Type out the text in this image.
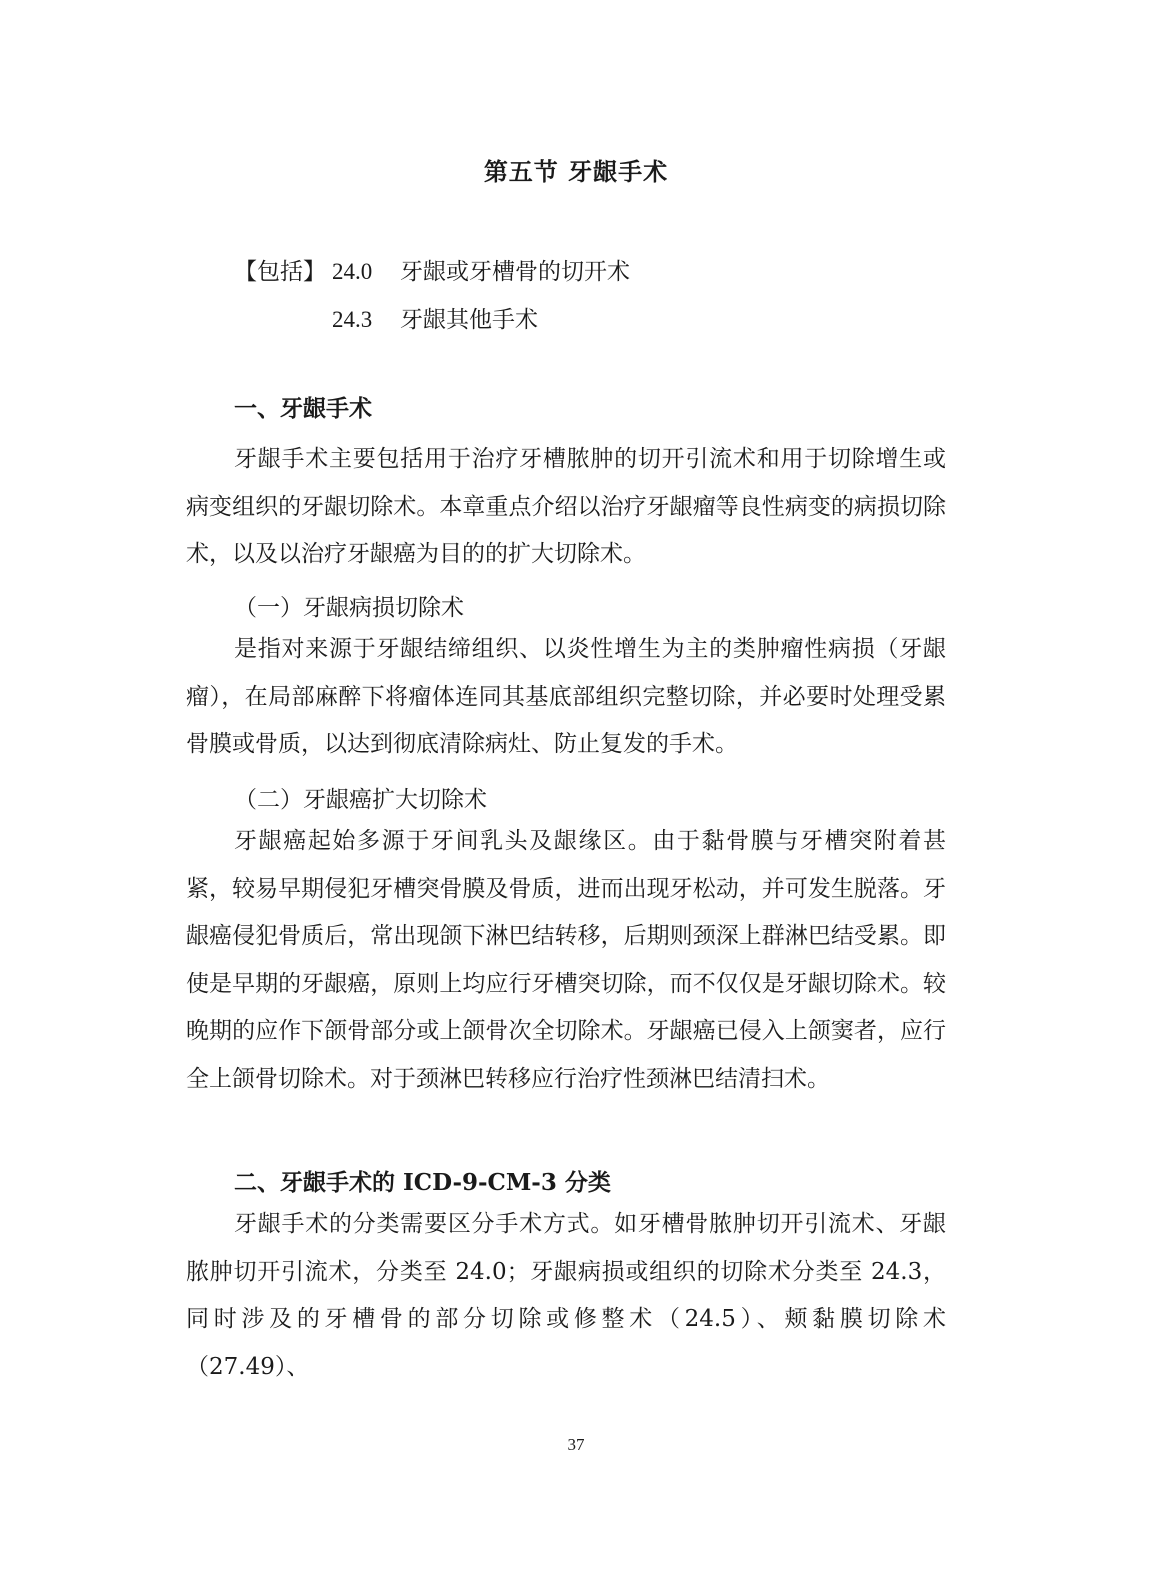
第五节 牙龈手术
【包括】 24.0	牙龈或牙槽骨的切开术
24.3	牙龈其他手术
一、牙龈手术

牙龈手术主要包括用于治疗牙槽脓肿的切开引流术和用于切除增生或病变组织的牙龈切除术。本章重点介绍以治疗牙龈瘤等良性病变的病损切除术，以及以治疗牙龈癌为目的的扩大切除术。

（一）牙龈病损切除术

是指对来源于牙龈结缔组织、以炎性增生为主的类肿瘤性病损（牙龈瘤），在局部麻醉下将瘤体连同其基底部组织完整切除，并必要时处理受累骨膜或骨质，以达到彻底清除病灶、防止复发的手术。

（二）牙龈癌扩大切除术

牙龈癌起始多源于牙间乳头及龈缘区。由于黏骨膜与牙槽突附着甚紧，较易早期侵犯牙槽突骨膜及骨质，进而出现牙松动，并可发生脱落。牙龈癌侵犯骨质后，常出现颌下淋巴结转移，后期则颈深上群淋巴结受累。即使是早期的牙龈癌，原则上均应行牙槽突切除，而不仅仅是牙龈切除术。较晚期的应作下颌骨部分或上颌骨次全切除术。牙龈癌已侵入上颌窦者，应行全上颌骨切除术。对于颈淋巴转移应行治疗性颈淋巴结清扫术。

二、牙龈手术的 ICD-9-CM-3 分类

牙龈手术的分类需要区分手术方式。如牙槽骨脓肿切开引流术、牙龈脓肿切开引流术，分类至 24.0；牙龈病损或组织的切除术分类至 24.3，同时涉及的牙槽骨的部分切除或修整术（24.5）、颊黏膜切除术（27.49）、

37
